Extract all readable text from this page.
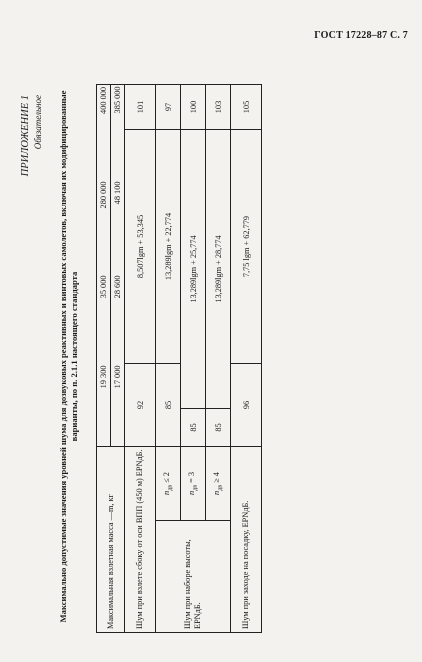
ГОСТ 17228–87 С. 7
ПРИЛОЖЕНИЕ 1 Обязательное Максимально допустимые значения уровней шума для дозвуковых реактивных и винтовых самолетов, включая их модифицированные варианты, по п. 2.1.1 настоящего стандарта
Максимальная взлетная масса —m, кг			19 300		35 000		280 000		400 000	
		17 000		28 600		48 100		385 000		
Шум при взлете сбоку от оси ВПП (450 м) EPNдБ.		92		8,507lgm + 53,345					101	
Шум при наборе высоты, EPNдБ.	$n_{дв} \le 2$	85		13,289lgm + 22,774					97	
	$n_{дв} = 3$	85	13,289lgm + 25,774						100	
	$n_{дв} \ge 4$	85	13,289lgm + 28,774						103	
Шум при заходе на посадку, EPNдБ.		96		7,75 lgm + 62,779					105	
